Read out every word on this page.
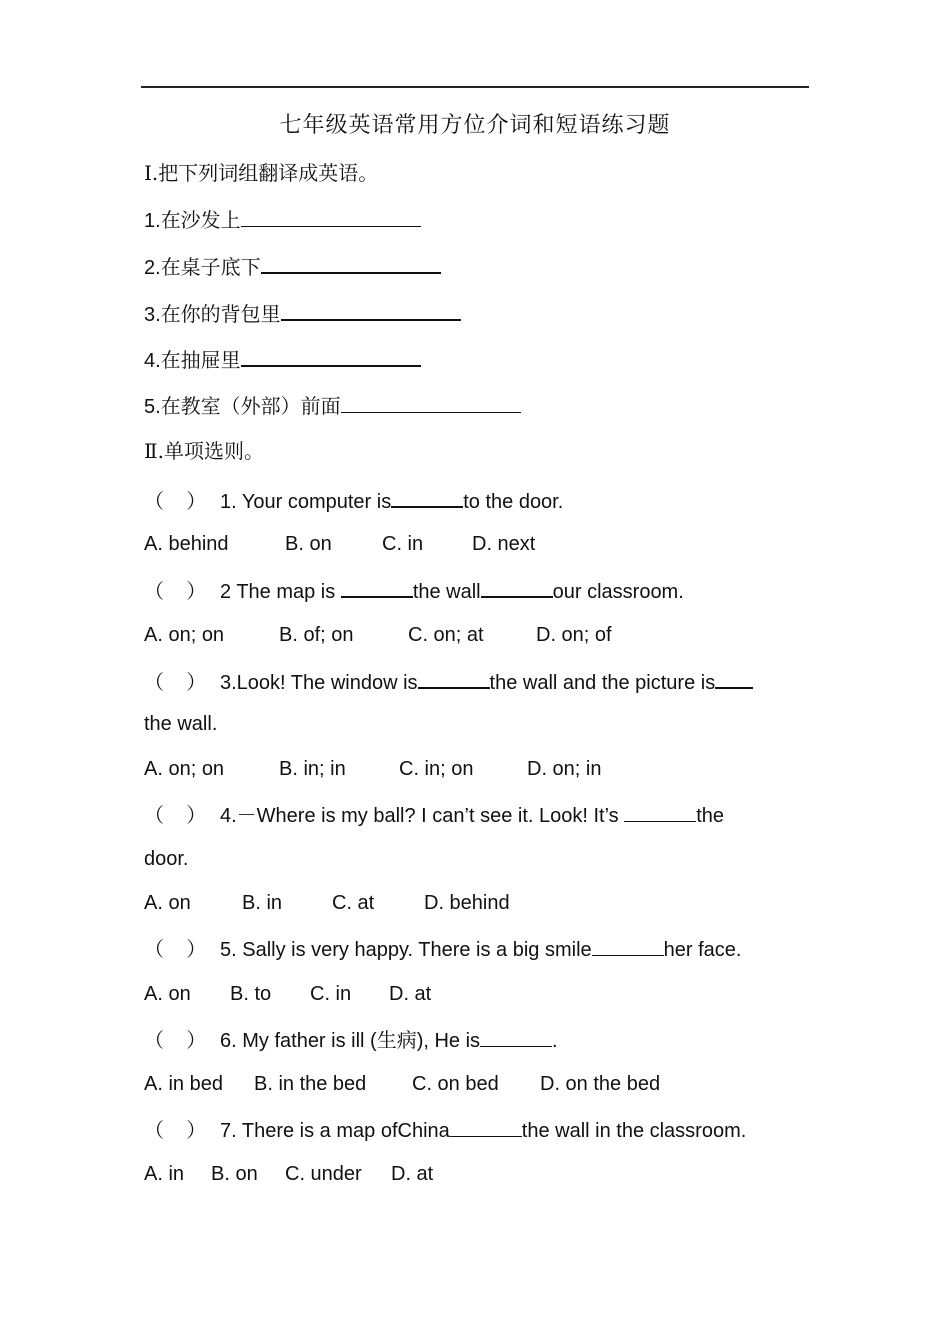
七年级英语常用方位介词和短语练习题
Ⅰ.把下列词组翻译成英语。
1.在沙发上
2.在桌子底下
3.在你的背包里
4.在抽屉里
5.在教室（外部）前面
Ⅱ.单项选则。
（ ） 1. Your computer is	to the door.
A. behind	B. on	C. in D. next
（ ） 2 The map is	the wall	our classroom.
A. on; on	B. of; on	C. on; at	D. on; of
（ ） 3.Look! The window is	the wall and the picture is
the wall.
A. on; on	B. in; in	C. in; on	D. on; in
（ ） 4.－Where is my ball? I can’t see it. Look! It’s	the
door.
A. on	B. in C. at D. behind
（ ） 5. Sally is very happy. There is a big smile	her face.
A. on B. to C. in D. at
（ ） 6. My father is ill (生病), He is	.
A. in bed B. in the bed C. on bed D. on the bed
（ ） 7. There is a map ofChina	the wall in the classroom.
A. in B. on C. under D. at
